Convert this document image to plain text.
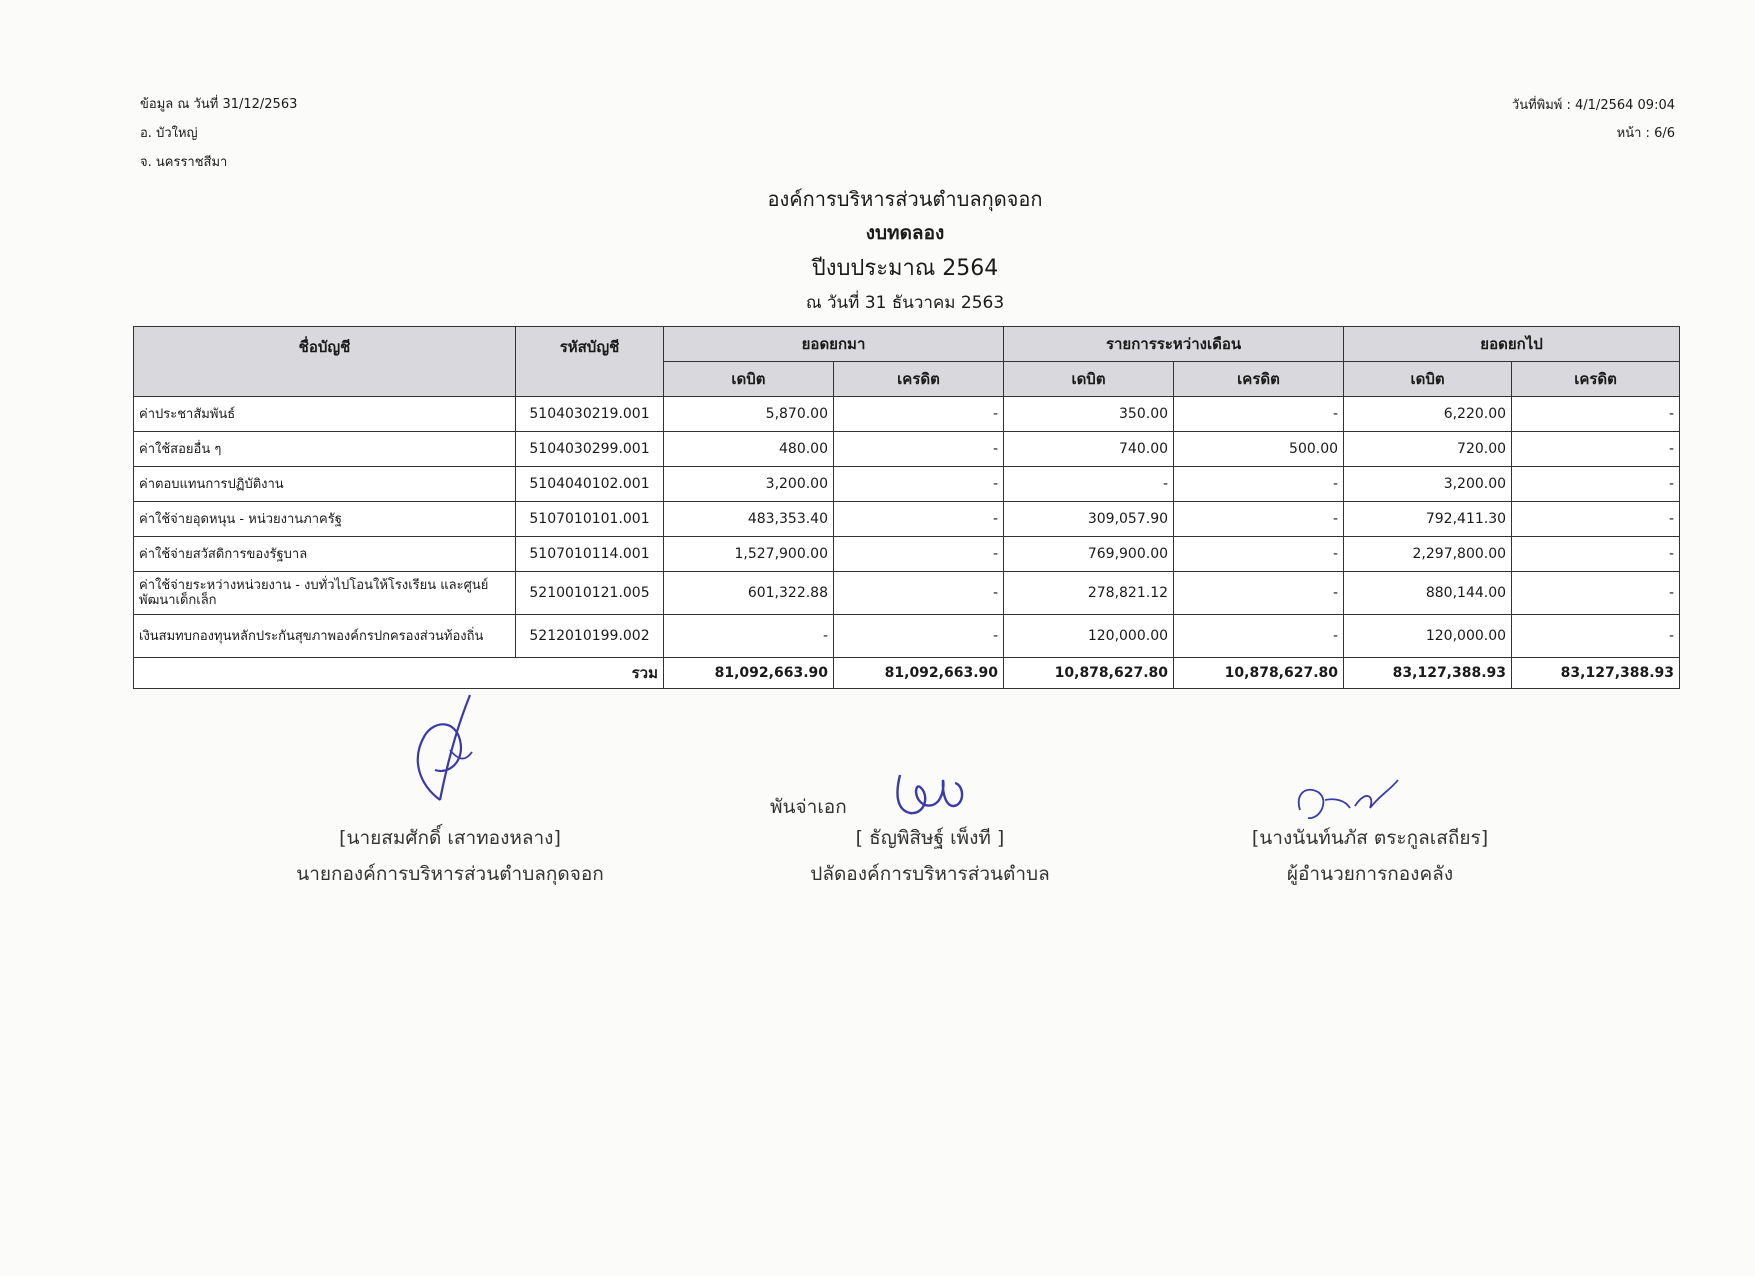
ข้อมูล ณ วันที่ 31/12/2563
อ. บัวใหญ่
จ. นครราชสีมา
วันที่พิมพ์ : 4/1/2564 09:04
หน้า : 6/6
องค์การบริหารส่วนตำบลกุดจอก
งบทดลอง
ปีงบประมาณ 2564
ณ วันที่ 31 ธันวาคม 2563
ชื่อบัญชี	รหัสบัญชี	ยอดยกมา		รายการระหว่างเดือน		ยอดยกไป	
		เดบิต	เครดิต	เดบิต	เครดิต	เดบิต	เครดิต
ค่าประชาสัมพันธ์	5104030219.001	5,870.00	-	350.00	-	6,220.00	-
ค่าใช้สอยอื่น ๆ	5104030299.001	480.00	-	740.00	500.00	720.00	-
ค่าตอบแทนการปฏิบัติงาน	5104040102.001	3,200.00	-	-	-	3,200.00	-
ค่าใช้จ่ายอุดหนุน - หน่วยงานภาครัฐ	5107010101.001	483,353.40	-	309,057.90	-	792,411.30	-
ค่าใช้จ่ายสวัสดิการของรัฐบาล	5107010114.001	1,527,900.00	-	769,900.00	-	2,297,800.00	-
ค่าใช้จ่ายระหว่างหน่วยงาน - งบทั่วไปโอนให้โรงเรียน และศูนย์พัฒนาเด็กเล็ก	5210010121.005	601,322.88	-	278,821.12	-	880,144.00	-
เงินสมทบกองทุนหลักประกันสุขภาพองค์กรปกครองส่วนท้องถิ่น	5212010199.002	-	-	120,000.00	-	120,000.00	-
รวม		81,092,663.90	81,092,663.90	10,878,627.80	10,878,627.80	83,127,388.93	83,127,388.93
พันจ่าเอก
[นายสมศักดิ์ เสาทองหลาง]
นายกองค์การบริหารส่วนตำบลกุดจอก
[ ธัญพิสิษฐ์ เพ็งที ]
ปลัดองค์การบริหารส่วนตำบล
[นางนันท์นภัส ตระกูลเสถียร]
ผู้อำนวยการกองคลัง
